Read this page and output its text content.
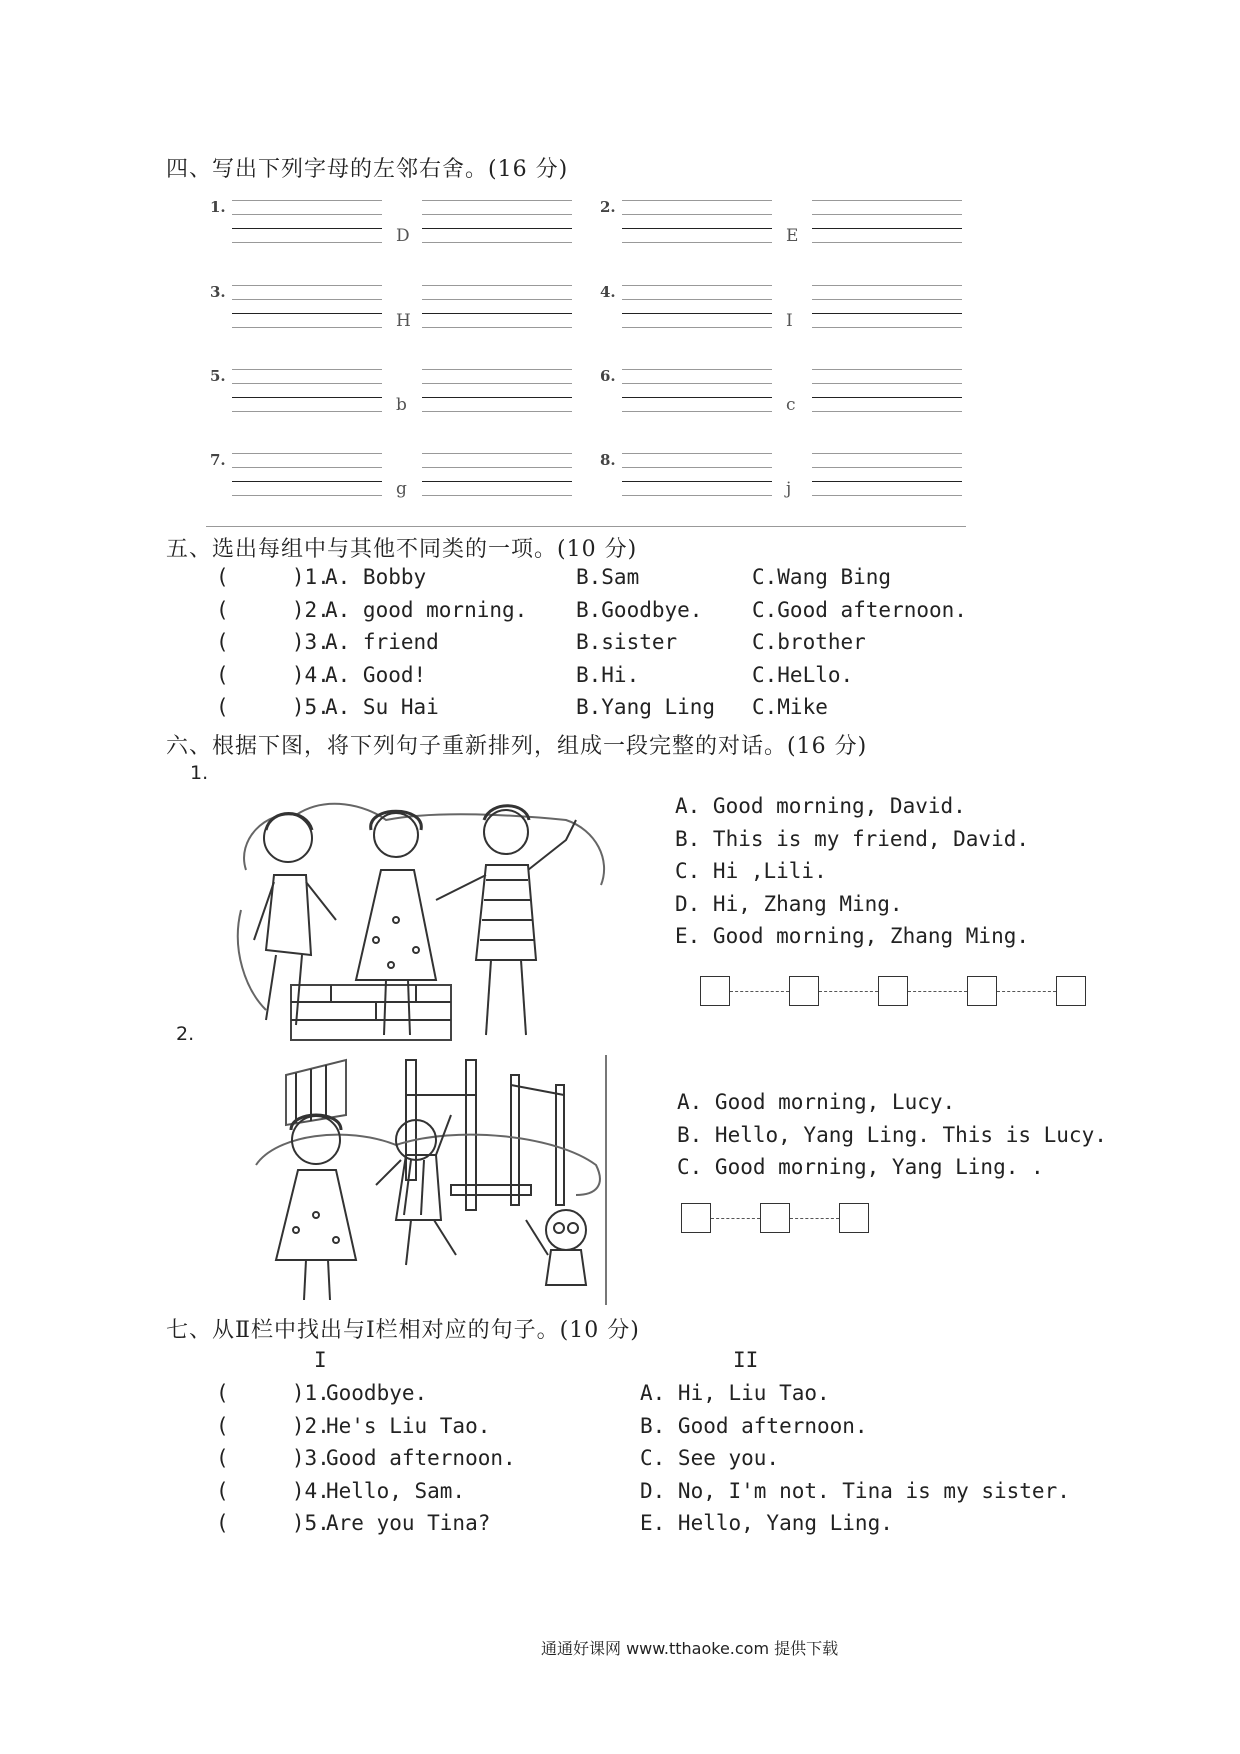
四、写出下列字母的左邻右舍。(16 分)
1.
D
2.
E
3.
H
4.
I
5.
b
6.
c
7.
g
8.
j
五、选出每组中与其他不同类的一项。(10 分)
(     )1.
A. Bobby	B.Sam	C.Wang Bing
(     )2.
A. good morning. B.Goodbye. C.Good afternoon.
(     )3.
A. friend	B.sister	C.brother
(     )4.
A. Good!	B.Hi.	C.HeLlo.
(     )5.
A. Su Hai	B.Yang Ling C.Mike
六、根据下图，将下列句子重新排列，组成一段完整的对话。(16 分)
1.
A. Good morning, David.
B. This is my friend, David.
C. Hi ,Lili.
D. Hi, Zhang Ming.
E. Good morning, Zhang Ming.
2.
A. Good morning, Lucy.
B. Hello, Yang Ling. This is Lucy.
C. Good morning, Yang Ling. .
七、从Ⅱ栏中找出与Ⅰ栏相对应的句子。(10 分)
I	II
(     )1.
Goodbye.	A. Hi, Liu Tao.
(     )2.
He's Liu Tao.	B. Good afternoon.
(     )3.
Good afternoon.	C. See you.
(     )4.
Hello, Sam.	D. No, I'm not. Tina is my sister.
(     )5.
Are you Tina?	E. Hello, Yang Ling.
通通好课网 www.tthaoke.com 提供下载
